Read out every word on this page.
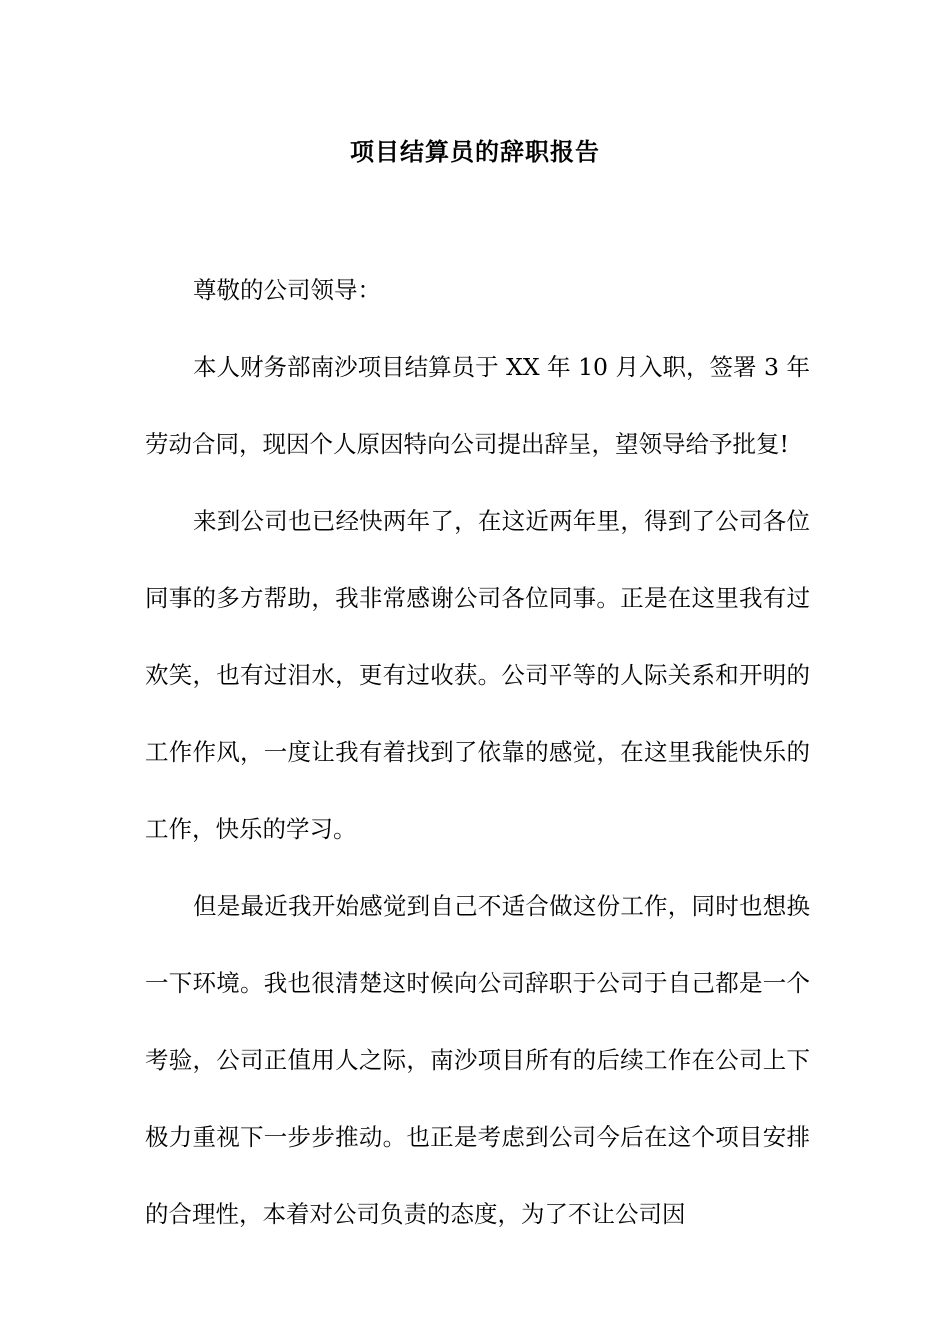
项目结算员的辞职报告

尊敬的公司领导：

本人财务部南沙项目结算员于 XX 年 10 月入职，签署 3 年劳动合同，现因个人原因特向公司提出辞呈，望领导给予批复!

来到公司也已经快两年了，在这近两年里，得到了公司各位同事的多方帮助，我非常感谢公司各位同事。正是在这里我有过欢笑，也有过泪水，更有过收获。公司平等的人际关系和开明的工作作风，一度让我有着找到了依靠的感觉，在这里我能快乐的工作，快乐的学习。

但是最近我开始感觉到自己不适合做这份工作，同时也想换一下环境。我也很清楚这时候向公司辞职于公司于自己都是一个考验，公司正值用人之际，南沙项目所有的后续工作在公司上下极力重视下一步步推动。也正是考虑到公司今后在这个项目安排的合理性，本着对公司负责的态度，为了不让公司因
